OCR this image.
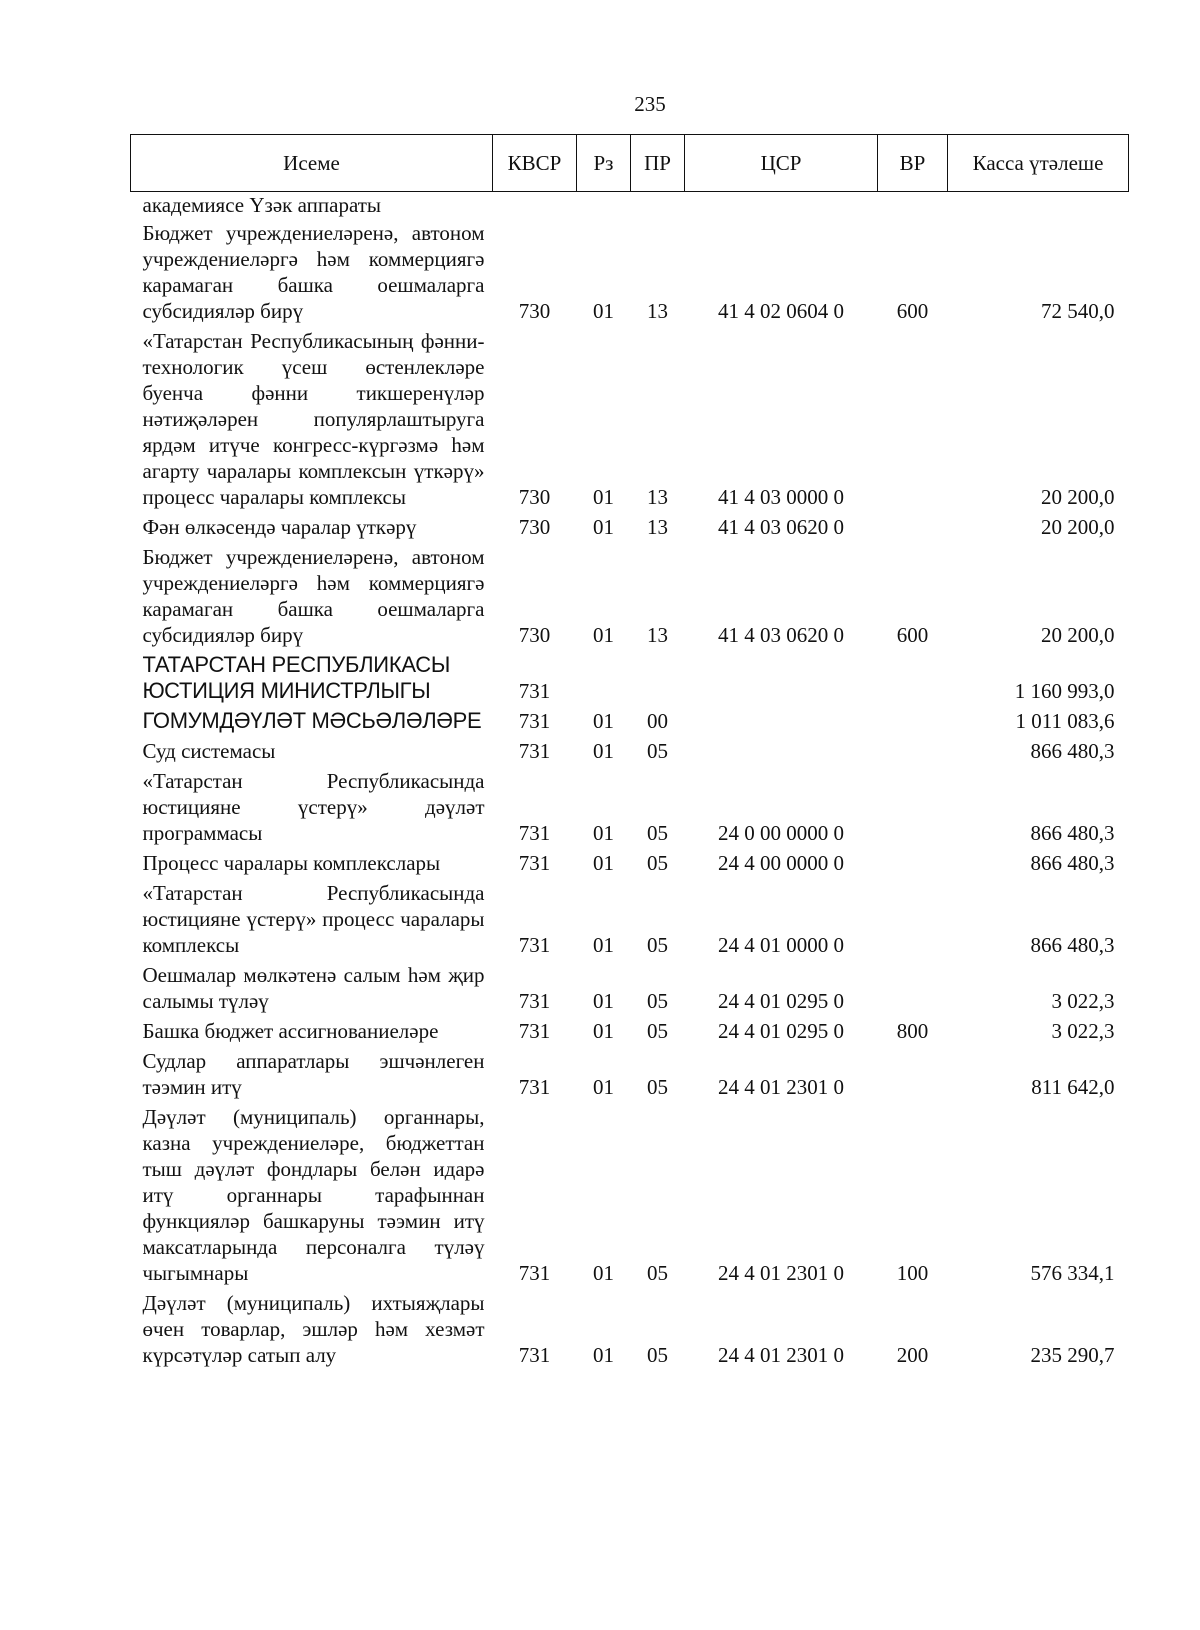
235
Исеме	КВСР	Рз	ПР	ЦСР	ВР	Касса үтәлеше
академиясе Үзәк аппараты						
Бюджет учреждениеләренә, автоном учреждениеләргә һәм коммерциягә карамаган башка оешмаларга субсидияләр бирү	730	01	13	41 4 02 0604 0	600	72 540,0
«Татарстан Республикасының фәнни-технологик үсеш өстенлекләре буенча фәнни тикшеренүләр нәтиҗәләрен популярлаштыруга ярдәм итүче конгресс-күргәзмә һәм агарту чаралары комплексын үткәрү» процесс чаралары комплексы	730	01	13	41 4 03 0000 0		20 200,0
Фән өлкәсендә чаралар үткәрү	730	01	13	41 4 03 0620 0		20 200,0
Бюджет учреждениеләренә, автоном учреждениеләргә һәм коммерциягә карамаган башка оешмаларга субсидияләр бирү	730	01	13	41 4 03 0620 0	600	20 200,0
ТАТАРСТАН РЕСПУБЛИКАСЫ ЮСТИЦИЯ МИНИСТРЛЫГЫ	731					1 160 993,0
ГОМУМДӘҮЛӘТ МӘСЬӘЛӘЛӘРЕ	731	01	00			1 011 083,6
Суд системасы	731	01	05			866 480,3
«Татарстан Республикасында юстицияне үстерү» дәүләт программасы	731	01	05	24 0 00 0000 0		866 480,3
Процесс чаралары комплекслары	731	01	05	24 4 00 0000 0		866 480,3
«Татарстан Республикасында юстицияне үстерү» процесс чаралары комплексы	731	01	05	24 4 01 0000 0		866 480,3
Оешмалар мөлкәтенә салым һәм җир салымы түләү	731	01	05	24 4 01 0295 0		3 022,3
Башка бюджет ассигнованиеләре	731	01	05	24 4 01 0295 0	800	3 022,3
Судлар аппаратлары эшчәнлеген тәэмин итү	731	01	05	24 4 01 2301 0		811 642,0
Дәүләт (муниципаль) органнары, казна учреждениеләре, бюджеттан тыш дәүләт фондлары белән идарә итү органнары тарафыннан функцияләр башкаруны тәэмин итү максатларында персоналга түләү чыгымнары	731	01	05	24 4 01 2301 0	100	576 334,1
Дәүләт (муниципаль) ихтыяҗлары өчен товарлар, эшләр һәм хезмәт күрсәтүләр сатып алу	731	01	05	24 4 01 2301 0	200	235 290,7
